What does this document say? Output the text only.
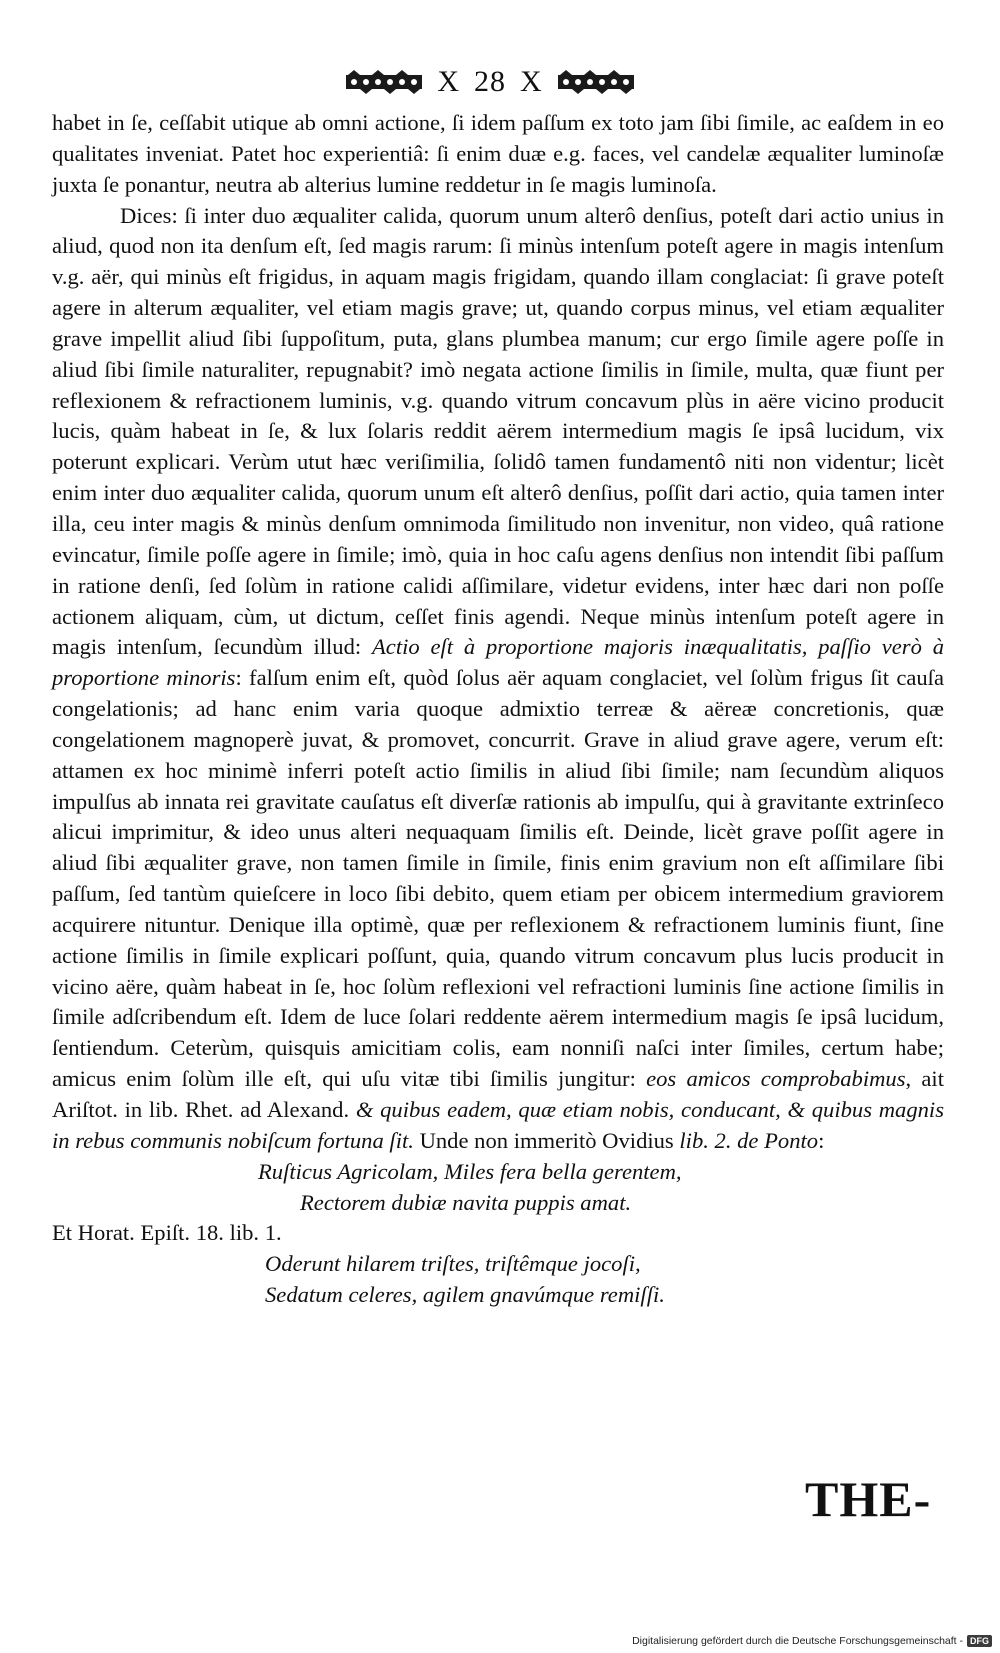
X 28 X

habet in ſe, ceſſabit utique ab omni actione, ſi idem paſſum ex toto jam ſibi ſimile, ac eaſdem in eo qualitates inveniat. Patet hoc experientiâ: ſi enim duæ e.g. faces, vel candelæ æqualiter luminoſæ juxta ſe ponantur, neutra ab alterius lumine reddetur in ſe magis luminoſa.

Dices: ſi inter duo æqualiter calida, quorum unum alterô denſius, poteſt dari actio unius in aliud, quod non ita denſum eſt, ſed magis rarum: ſi minùs intenſum poteſt agere in magis intenſum v.g. aër, qui minùs eſt frigidus, in aquam magis frigidam, quando illam conglaciat: ſi grave poteſt agere in alterum æqualiter, vel etiam magis grave; ut, quando corpus minus, vel etiam æqualiter grave impellit aliud ſibi ſuppoſitum, puta, glans plumbea manum; cur ergo ſimile agere poſſe in aliud ſibi ſimile naturaliter, repugnabit? imò negata actione ſimilis in ſimile, multa, quæ fiunt per reflexionem & refractionem luminis, v.g. quando vitrum concavum plùs in aëre vicino producit lucis, quàm habeat in ſe, & lux ſolaris reddit aërem intermedium magis ſe ipsâ lucidum, vix poterunt explicari. Verùm utut hæc veriſimilia, ſolidô tamen fundamentô niti non videntur; licèt enim inter duo æqualiter calida, quorum unum eſt alterô denſius, poſſit dari actio, quia tamen inter illa, ceu inter magis & minùs denſum omnimoda ſimilitudo non invenitur, non video, quâ ratione evincatur, ſimile poſſe agere in ſimile; imò, quia in hoc caſu agens denſius non intendit ſibi paſſum in ratione denſi, ſed ſolùm in ratione calidi aſſimilare, videtur evidens, inter hæc dari non poſſe actionem aliquam, cùm, ut dictum, ceſſet finis agendi. Neque minùs intenſum poteſt agere in magis intenſum, ſecundùm illud: Actio eſt à proportione majoris inæqualitatis, paſſio verò à proportione minoris: falſum enim eſt, quòd ſolus aër aquam conglaciet, vel ſolùm frigus ſit cauſa congelationis; ad hanc enim varia quoque admixtio terreæ & aëreæ concretionis, quæ congelationem magnoperè juvat, & promovet, concurrit. Grave in aliud grave agere, verum eſt: attamen ex hoc minimè inferri poteſt actio ſimilis in aliud ſibi ſimile; nam ſecundùm aliquos impulſus ab innata rei gravitate cauſatus eſt diverſæ rationis ab impulſu, qui à gravitante extrinſeco alicui imprimitur, & ideo unus alteri nequaquam ſimilis eſt. Deinde, licèt grave poſſit agere in aliud ſibi æqualiter grave, non tamen ſimile in ſimile, finis enim gravium non eſt aſſimilare ſibi paſſum, ſed tantùm quieſcere in loco ſibi debito, quem etiam per obicem intermedium graviorem acquirere nituntur. Denique illa optimè, quæ per reflexionem & refractionem luminis fiunt, ſine actione ſimilis in ſimile explicari poſſunt, quia, quando vitrum concavum plus lucis producit in vicino aëre, quàm habeat in ſe, hoc ſolùm reflexioni vel refractioni luminis ſine actione ſimilis in ſimile adſcribendum eſt. Idem de luce ſolari reddente aërem intermedium magis ſe ipsâ lucidum, ſentiendum. Ceterùm, quisquis amicitiam colis, eam nonniſi naſci inter ſimiles, certum habe; amicus enim ſolùm ille eſt, qui uſu vitæ tibi ſimilis jungitur: eos amicos comprobabimus, ait Ariſtot. in lib. Rhet. ad Alexand. & quibus eadem, quæ etiam nobis, conducant, & quibus magnis in rebus communis nobiſcum fortuna ſit. Unde non immeritò Ovidius lib. 2. de Ponto:

Ruſticus Agricolam, Miles fera bella gerentem,
Rectorem dubiæ navita puppis amat.

Et Horat. Epiſt. 18. lib. 1.

Oderunt hilarem triſtes, triſtêmque jocoſi,
Sedatum celeres, agilem gnavúmque remiſſi.
THE-
Digitalisierung gefördert durch die Deutsche Forschungsgemeinschaft - DFG
